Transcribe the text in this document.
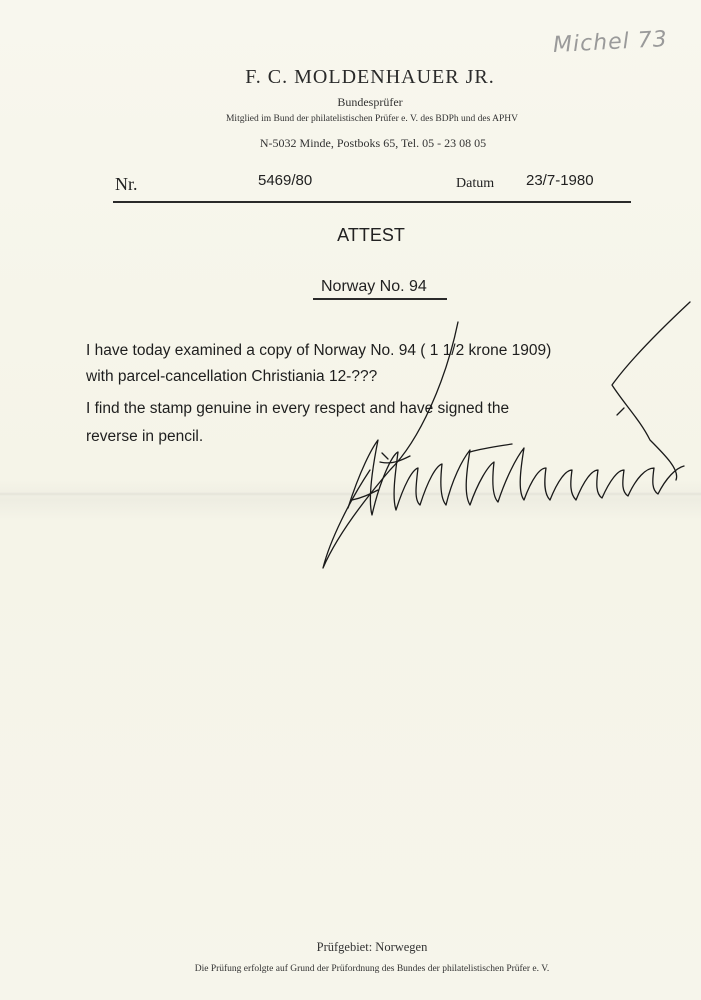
Michel 73
F. C. MOLDENHAUER JR.
Bundesprüfer
Mitglied im Bund der philatelistischen Prüfer e. V. des BDPh und des APHV
N-5032 Minde, Postboks 65, Tel. 05 - 23 08 05
Nr.	5469/80	Datum 23/7-1980
ATTEST
Norway No. 94
I have today examined a copy of Norway No. 94 ( 1 1/2 krone 1909)
with parcel-cancellation Christiania 12-???
I find the stamp genuine in every respect and have signed the
reverse in pencil.
Prüfgebiet: Norwegen
Die Prüfung erfolgte auf Grund der Prüfordnung des Bundes der philatelistischen Prüfer e. V.
